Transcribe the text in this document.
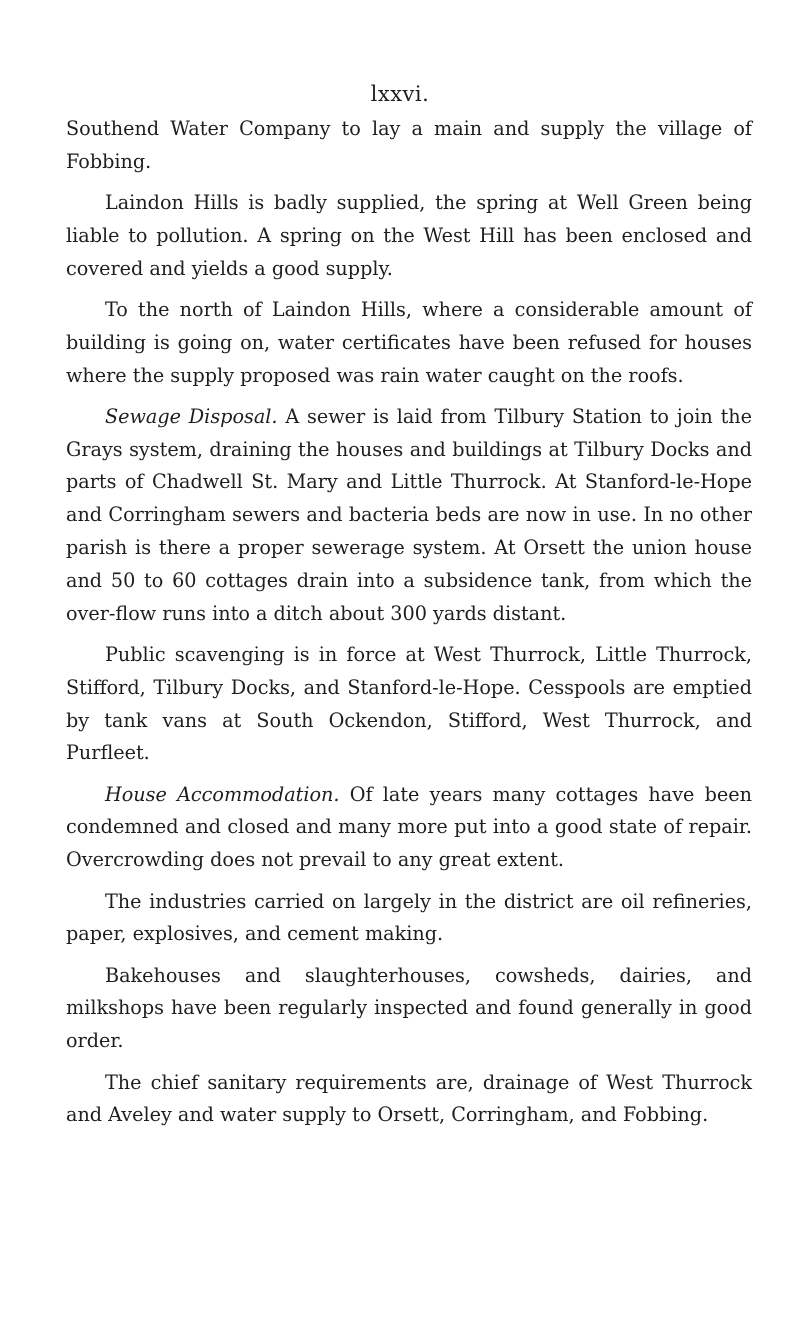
lxxvi.

Southend Water Company to lay a main and supply the village of Fobbing.

Laindon Hills is badly supplied, the spring at Well Green being liable to pollution. A spring on the West Hill has been enclosed and covered and yields a good supply.

To the north of Laindon Hills, where a considerable amount of building is going on, water certificates have been refused for houses where the supply proposed was rain water caught on the roofs.

Sewage Disposal. A sewer is laid from Tilbury Station to join the Grays system, draining the houses and buildings at Tilbury Docks and parts of Chadwell St. Mary and Little Thurrock. At Stanford-le-Hope and Corringham sewers and bacteria beds are now in use. In no other parish is there a proper sewerage system. At Orsett the union house and 50 to 60 cottages drain into a subsidence tank, from which the over-flow runs into a ditch about 300 yards distant.

Public scavenging is in force at West Thurrock, Little Thurrock, Stifford, Tilbury Docks, and Stanford-le-Hope. Cesspools are emptied by tank vans at South Ockendon, Stifford, West Thurrock, and Purfleet.

House Accommodation. Of late years many cottages have been condemned and closed and many more put into a good state of repair. Overcrowding does not prevail to any great extent.

The industries carried on largely in the district are oil refineries, paper, explosives, and cement making.

Bakehouses and slaughterhouses, cowsheds, dairies, and milkshops have been regularly inspected and found generally in good order.

The chief sanitary requirements are, drainage of West Thurrock and Aveley and water supply to Orsett, Corringham, and Fobbing.
